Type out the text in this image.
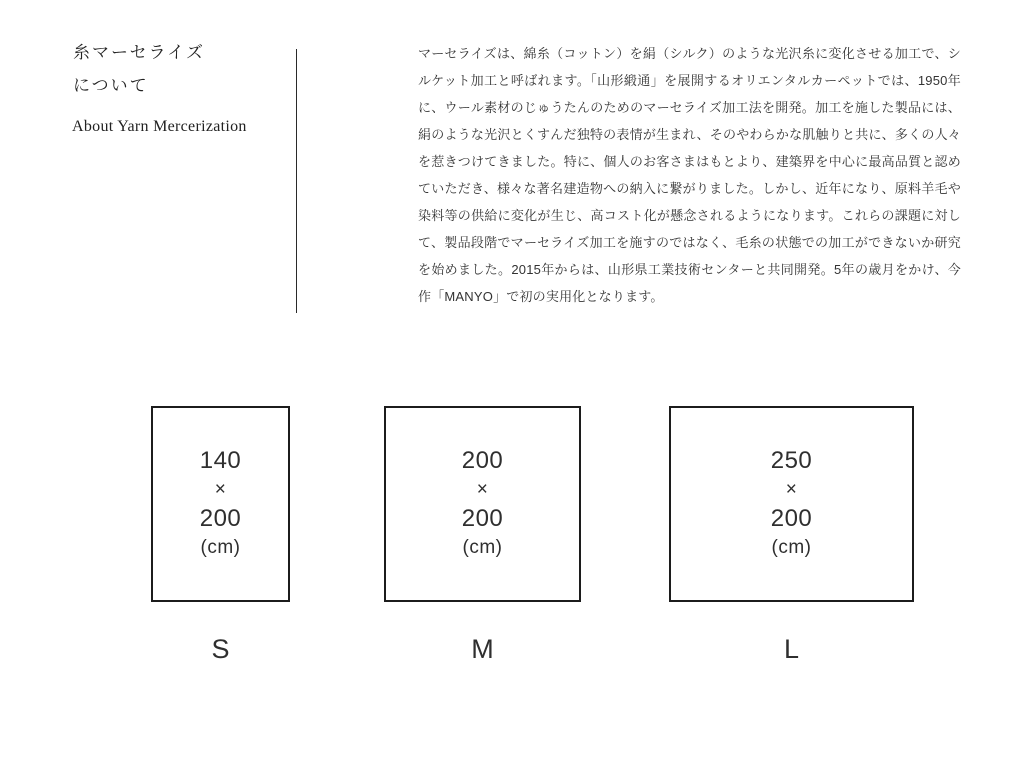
糸マーセライズ
について
About Yarn Mercerization
マーセライズは、綿糸（コットン）を絹（シルク）のような光沢糸に変化させる加工で、シルケット加工と呼ばれます。「山形緞通」を展開するオリエンタルカーペットでは、1950年に、ウール素材のじゅうたんのためのマーセライズ加工法を開発。加工を施した製品には、絹のような光沢とくすんだ独特の表情が生まれ、そのやわらかな肌触りと共に、多くの人々を惹きつけてきました。特に、個人のお客さまはもとより、建築界を中心に最高品質と認めていただき、様々な著名建造物への納入に繋がりました。しかし、近年になり、原料羊毛や染料等の供給に変化が生じ、高コスト化が懸念されるようになります。これらの課題に対して、製品段階でマーセライズ加工を施すのではなく、毛糸の状態での加工ができないか研究を始めました。2015年からは、山形県工業技術センターと共同開発。5年の歳月をかけ、今作「MANYO」で初の実用化となります。
140
×
200
(cm)
200
×
200
(cm)
250
×
200
(cm)
S	M	L
